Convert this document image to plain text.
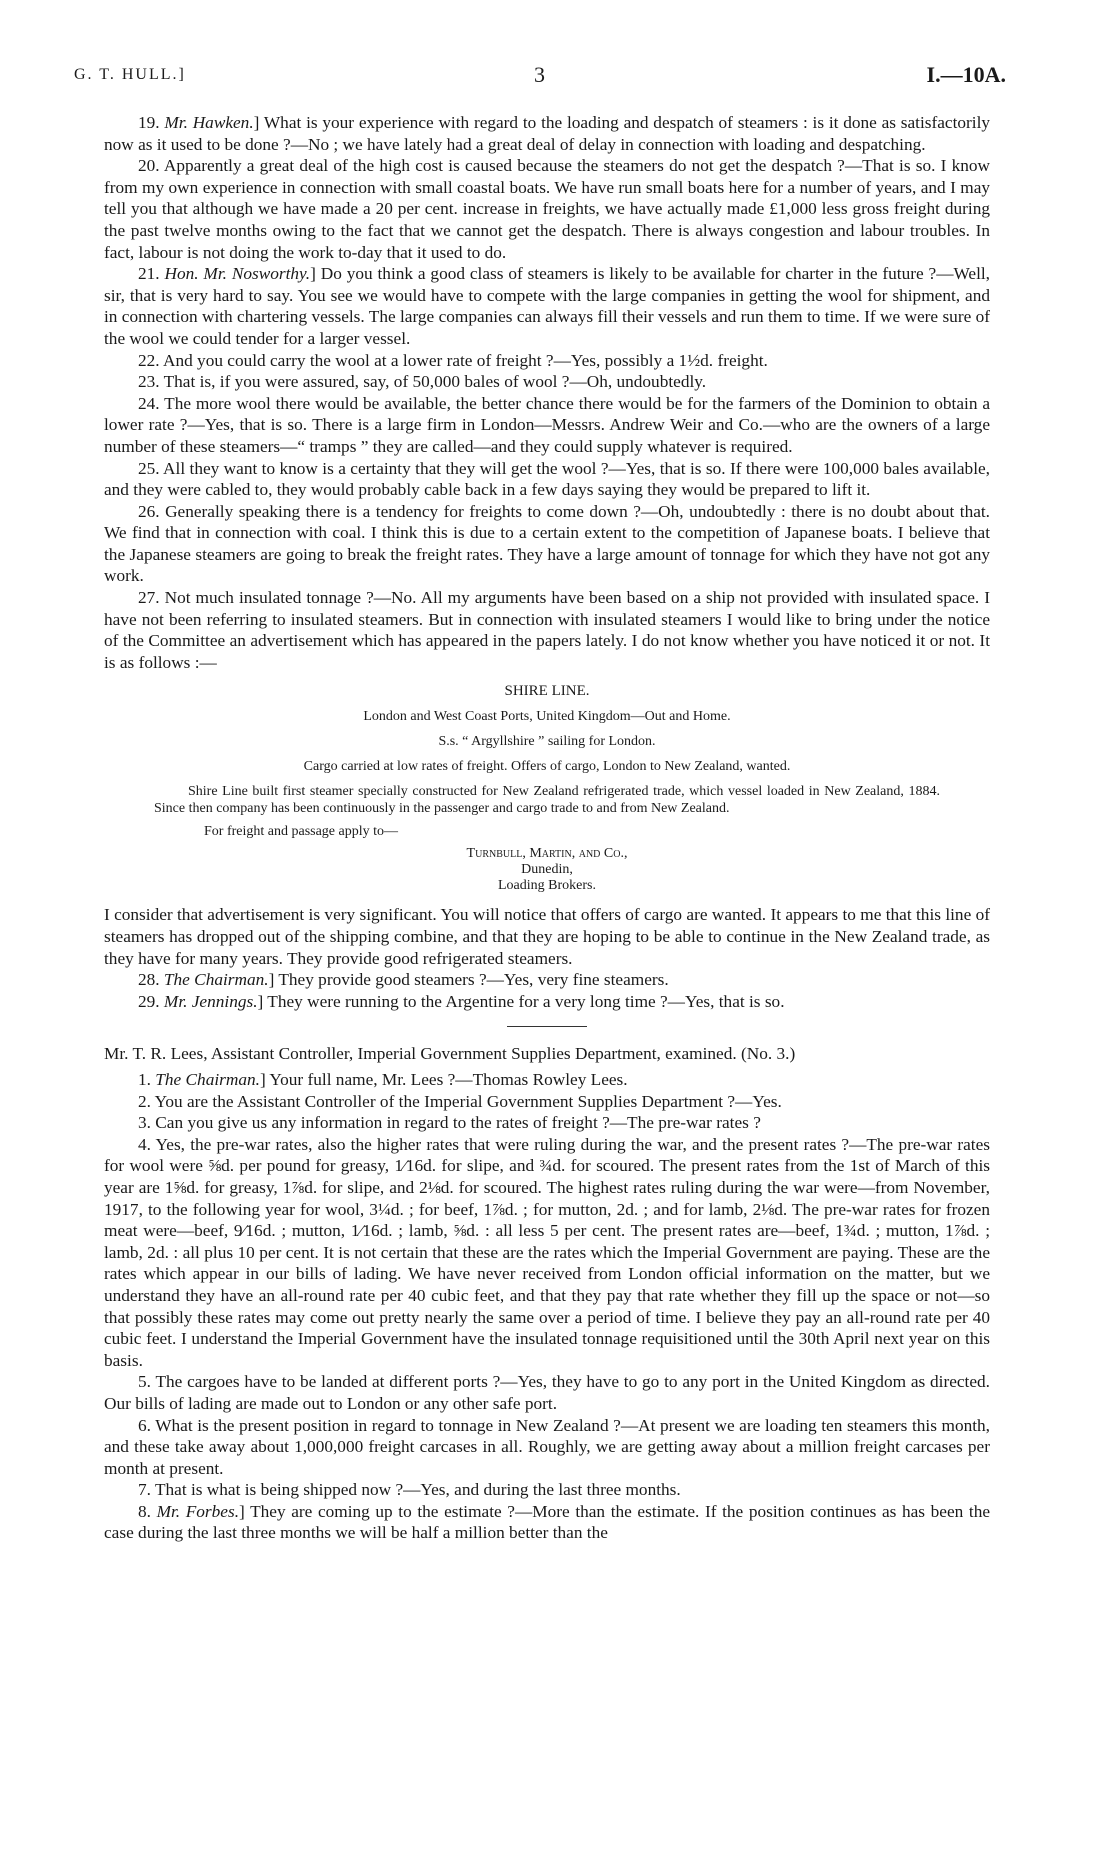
G. T. HULL.]	3	I.—10A.

19. Mr. Hawken.] What is your experience with regard to the loading and despatch of steamers : is it done as satisfactorily now as it used to be done ?—No ; we have lately had a great deal of delay in connection with loading and despatching.

20. Apparently a great deal of the high cost is caused because the steamers do not get the despatch ?—That is so. I know from my own experience in connection with small coastal boats. We have run small boats here for a number of years, and I may tell you that although we have made a 20 per cent. increase in freights, we have actually made £1,000 less gross freight during the past twelve months owing to the fact that we cannot get the despatch. There is always congestion and labour troubles. In fact, labour is not doing the work to-day that it used to do.

21. Hon. Mr. Nosworthy.] Do you think a good class of steamers is likely to be available for charter in the future ?—Well, sir, that is very hard to say. You see we would have to compete with the large companies in getting the wool for shipment, and in connection with chartering vessels. The large companies can always fill their vessels and run them to time. If we were sure of the wool we could tender for a larger vessel.

22. And you could carry the wool at a lower rate of freight ?—Yes, possibly a 1½d. freight.

23. That is, if you were assured, say, of 50,000 bales of wool ?—Oh, undoubtedly.

24. The more wool there would be available, the better chance there would be for the farmers of the Dominion to obtain a lower rate ?—Yes, that is so. There is a large firm in London—Messrs. Andrew Weir and Co.—who are the owners of a large number of these steamers—“ tramps ” they are called—and they could supply whatever is required.

25. All they want to know is a certainty that they will get the wool ?—Yes, that is so. If there were 100,000 bales available, and they were cabled to, they would probably cable back in a few days saying they would be prepared to lift it.

26. Generally speaking there is a tendency for freights to come down ?—Oh, undoubtedly : there is no doubt about that. We find that in connection with coal. I think this is due to a certain extent to the competition of Japanese boats. I believe that the Japanese steamers are going to break the freight rates. They have a large amount of tonnage for which they have not got any work.

27. Not much insulated tonnage ?—No. All my arguments have been based on a ship not provided with insulated space. I have not been referring to insulated steamers. But in connection with insulated steamers I would like to bring under the notice of the Committee an advertisement which has appeared in the papers lately. I do not know whether you have noticed it or not. It is as follows :—

SHIRE LINE.
London and West Coast Ports, United Kingdom—Out and Home.
S.s. “ Argyllshire ” sailing for London.
Cargo carried at low rates of freight. Offers of cargo, London to New Zealand, wanted.
Shire Line built first steamer specially constructed for New Zealand refrigerated trade, which vessel loaded in New Zealand, 1884. Since then company has been continuously in the passenger and cargo trade to and from New Zealand.
For freight and passage apply to—
Turnbull, Martin, and Co.,
Dunedin,
Loading Brokers.

I consider that advertisement is very significant. You will notice that offers of cargo are wanted. It appears to me that this line of steamers has dropped out of the shipping combine, and that they are hoping to be able to continue in the New Zealand trade, as they have for many years. They provide good refrigerated steamers.

28. The Chairman.] They provide good steamers ?—Yes, very fine steamers.

29. Mr. Jennings.] They were running to the Argentine for a very long time ?—Yes, that is so.

Mr. T. R. Lees, Assistant Controller, Imperial Government Supplies Department, examined. (No. 3.)

1. The Chairman.] Your full name, Mr. Lees ?—Thomas Rowley Lees.

2. You are the Assistant Controller of the Imperial Government Supplies Department ?—Yes.

3. Can you give us any information in regard to the rates of freight ?—The pre-war rates ?

4. Yes, the pre-war rates, also the higher rates that were ruling during the war, and the present rates ?—The pre-war rates for wool were ⅝d. per pound for greasy, 1⁄16d. for slipe, and ¾d. for scoured. The present rates from the 1st of March of this year are 1⅝d. for greasy, 1⅞d. for slipe, and 2⅛d. for scoured. The highest rates ruling during the war were—from November, 1917, to the following year for wool, 3¼d. ; for beef, 1⅞d. ; for mutton, 2d. ; and for lamb, 2⅛d. The pre-war rates for frozen meat were—beef, 9⁄16d. ; mutton, 1⁄16d. ; lamb, ⅝d. : all less 5 per cent. The present rates are—beef, 1¾d. ; mutton, 1⅞d. ; lamb, 2d. : all plus 10 per cent. It is not certain that these are the rates which the Imperial Government are paying. These are the rates which appear in our bills of lading. We have never received from London official information on the matter, but we understand they have an all-round rate per 40 cubic feet, and that they pay that rate whether they fill up the space or not—so that possibly these rates may come out pretty nearly the same over a period of time. I believe they pay an all-round rate per 40 cubic feet. I understand the Imperial Government have the insulated tonnage requisitioned until the 30th April next year on this basis.

5. The cargoes have to be landed at different ports ?—Yes, they have to go to any port in the United Kingdom as directed. Our bills of lading are made out to London or any other safe port.

6. What is the present position in regard to tonnage in New Zealand ?—At present we are loading ten steamers this month, and these take away about 1,000,000 freight carcases in all. Roughly, we are getting away about a million freight carcases per month at present.

7. That is what is being shipped now ?—Yes, and during the last three months.

8. Mr. Forbes.] They are coming up to the estimate ?—More than the estimate. If the position continues as has been the case during the last three months we will be half a million better than the
